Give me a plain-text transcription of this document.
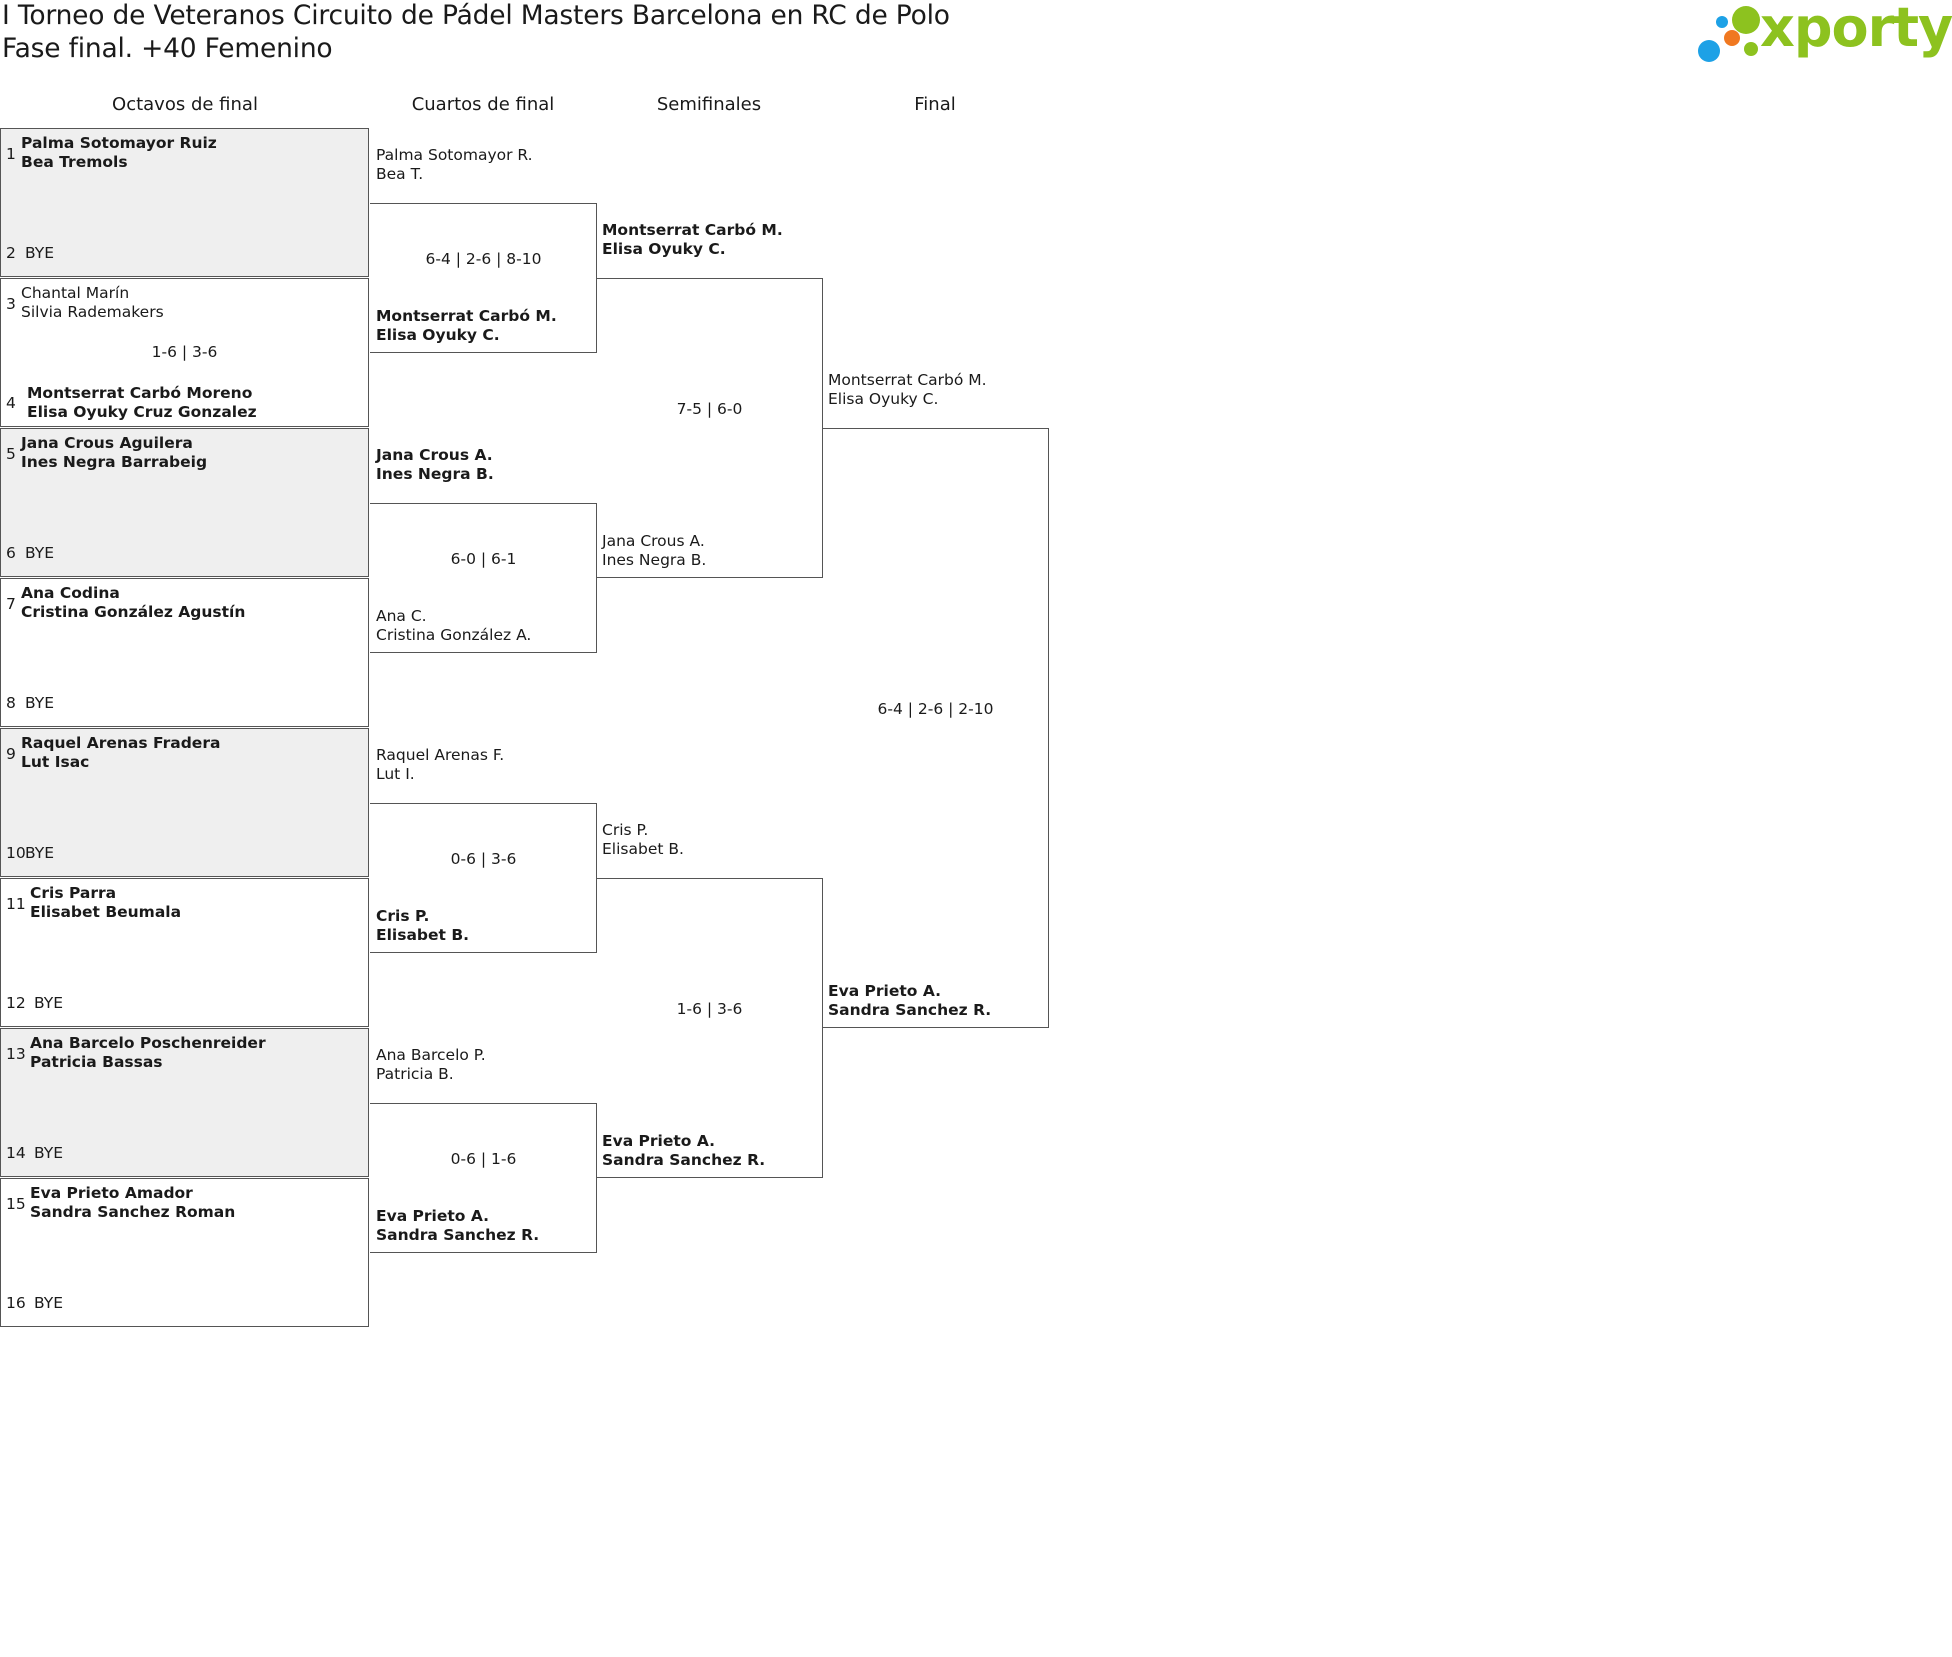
I Torneo de Veteranos Circuito de Pádel Masters Barcelona en RC de Polo
Fase final. +40 Femenino	xporty
Octavos de final	Cuartos de final	Semifinales	Final
1
Palma Sotomayor Ruiz
Bea Tremols
2 BYE
3
Chantal Marín
Silvia Rademakers
1-6 | 3-6
4
Montserrat Carbó Moreno
Elisa Oyuky Cruz Gonzalez
5
Jana Crous Aguilera
Ines Negra Barrabeig
6 BYE
7
Ana Codina
Cristina González Agustín
8 BYE
9
Raquel Arenas Fradera
Lut Isac
10 BYE
11
Cris Parra
Elisabet Beumala
12 BYE
13
Ana Barcelo Poschenreider
Patricia Bassas
14 BYE
15
Eva Prieto Amador
Sandra Sanchez Roman
16 BYE
Palma Sotomayor R.
Bea T.
6-4 | 2-6 | 8-10
Montserrat Carbó M.
Elisa Oyuky C.
Jana Crous A.
Ines Negra B.
6-0 | 6-1
Ana C.
Cristina González A.
Raquel Arenas F.
Lut I.
0-6 | 3-6
Cris P.
Elisabet B.
Ana Barcelo P.
Patricia B.
0-6 | 1-6
Eva Prieto A.
Sandra Sanchez R.
Montserrat Carbó M.
Elisa Oyuky C.
7-5 | 6-0
Jana Crous A.
Ines Negra B.
Cris P.
Elisabet B.
1-6 | 3-6
Eva Prieto A.
Sandra Sanchez R.
Montserrat Carbó M.
Elisa Oyuky C.
6-4 | 2-6 | 2-10
Eva Prieto A.
Sandra Sanchez R.
